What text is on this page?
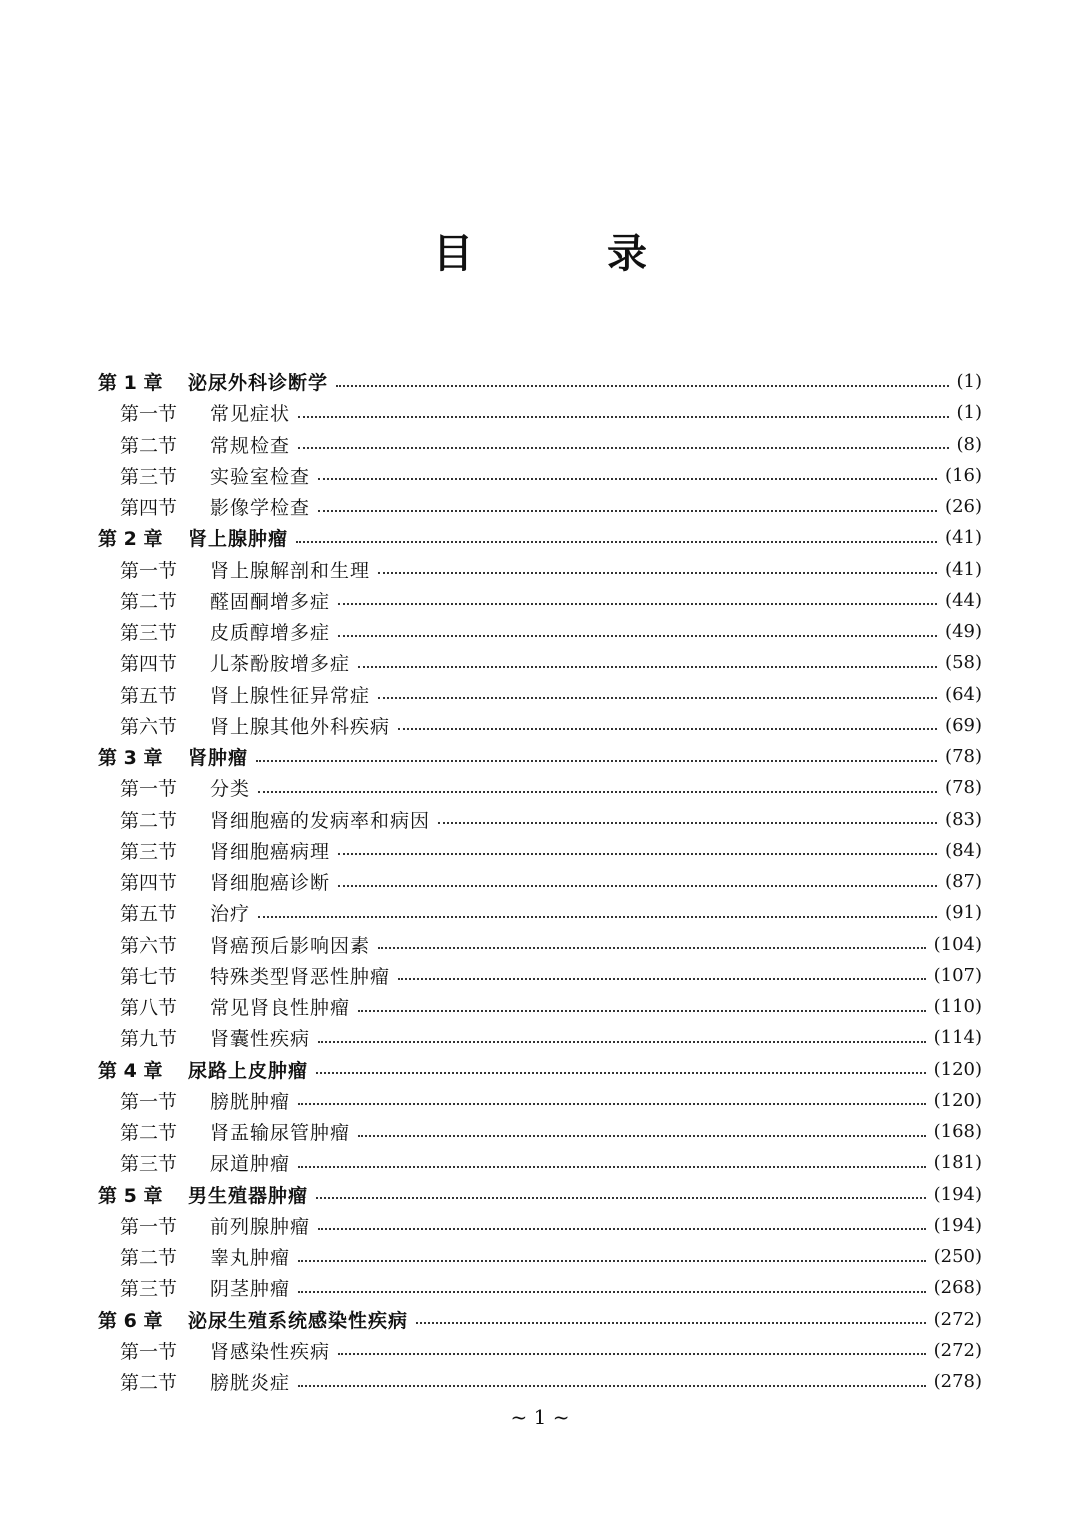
目 录
第 1 章	泌尿外科诊断学	(1)
第一节	常见症状	(1)
第二节	常规检查	(8)
第三节	实验室检查	(16)
第四节	影像学检查	(26)
第 2 章	肾上腺肿瘤	(41)
第一节	肾上腺解剖和生理	(41)
第二节	醛固酮增多症	(44)
第三节	皮质醇增多症	(49)
第四节	儿茶酚胺增多症	(58)
第五节	肾上腺性征异常症	(64)
第六节	肾上腺其他外科疾病	(69)
第 3 章	肾肿瘤	(78)
第一节	分类	(78)
第二节	肾细胞癌的发病率和病因	(83)
第三节	肾细胞癌病理	(84)
第四节	肾细胞癌诊断	(87)
第五节	治疗	(91)
第六节	肾癌预后影响因素	(104)
第七节	特殊类型肾恶性肿瘤	(107)
第八节	常见肾良性肿瘤	(110)
第九节	肾囊性疾病	(114)
第 4 章	尿路上皮肿瘤	(120)
第一节	膀胱肿瘤	(120)
第二节	肾盂输尿管肿瘤	(168)
第三节	尿道肿瘤	(181)
第 5 章	男生殖器肿瘤	(194)
第一节	前列腺肿瘤	(194)
第二节	睾丸肿瘤	(250)
第三节	阴茎肿瘤	(268)
第 6 章	泌尿生殖系统感染性疾病	(272)
第一节	肾感染性疾病	(272)
第二节	膀胱炎症	(278)
~ 1 ~
